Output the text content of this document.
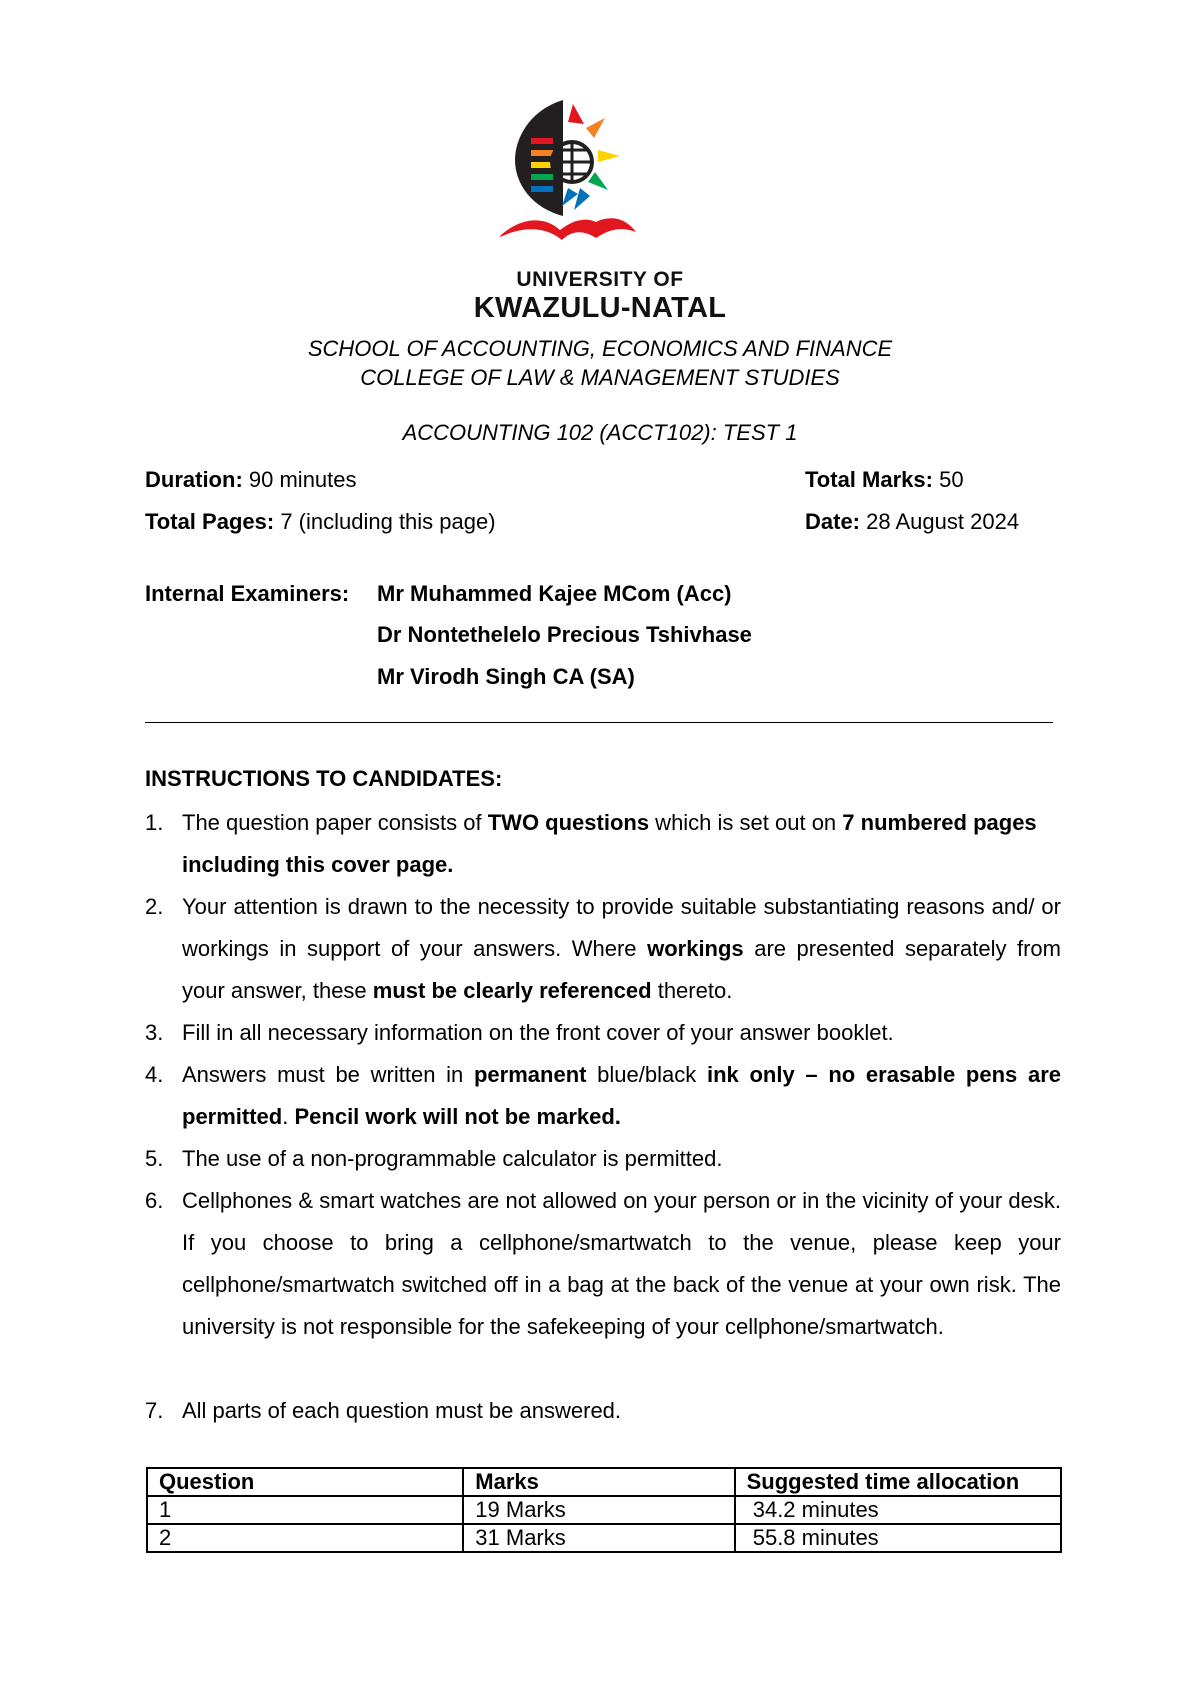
UNIVERSITY OF
KWAZULU-NATAL
SCHOOL OF ACCOUNTING, ECONOMICS AND FINANCE
COLLEGE OF LAW & MANAGEMENT STUDIES
ACCOUNTING 102 (ACCT102): TEST 1
Duration: 90 minutes	Total Marks: 50
Total Pages: 7 (including this page)	Date: 28 August 2024
Internal Examiners: Mr Muhammed Kajee MCom (Acc)
Dr Nontethelelo Precious Tshivhase
Mr Virodh Singh CA (SA)
INSTRUCTIONS TO CANDIDATES:
1. The question paper consists of TWO questions which is set out on 7 numbered pages including this cover page.
2. Your attention is drawn to the necessity to provide suitable substantiating reasons and/ or workings in support of your answers. Where workings are presented separately from your answer, these must be clearly referenced thereto.
3. Fill in all necessary information on the front cover of your answer booklet.
4. Answers must be written in permanent blue/black ink only – no erasable pens are permitted. Pencil work will not be marked.
5. The use of a non-programmable calculator is permitted.
6. Cellphones & smart watches are not allowed on your person or in the vicinity of your desk. If you choose to bring a cellphone/smartwatch to the venue, please keep your cellphone/smartwatch switched off in a bag at the back of the venue at your own risk. The university is not responsible for the safekeeping of your cellphone/smartwatch.
7. All parts of each question must be answered.
Question	Marks	Suggested time allocation
1	19 Marks	34.2 minutes
2	31 Marks	55.8 minutes
